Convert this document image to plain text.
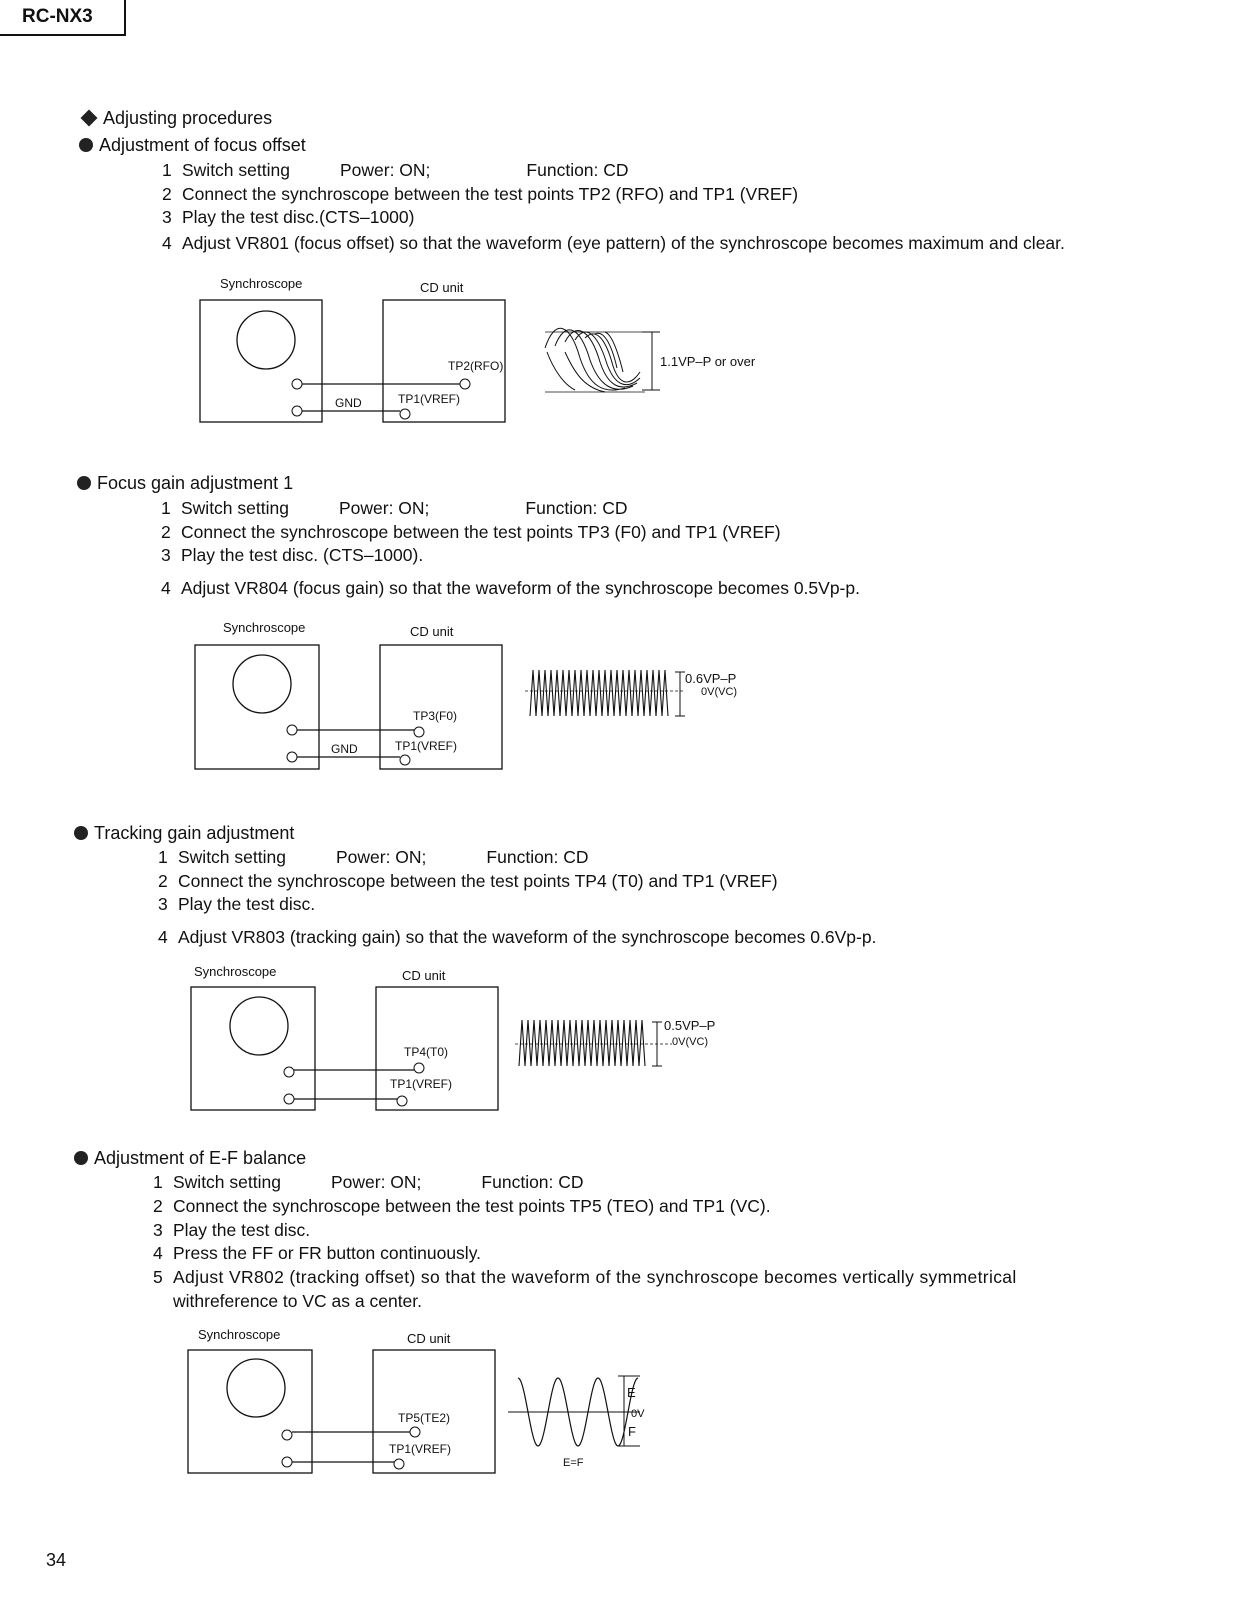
RC-NX3
Adjusting procedures
Adjustment of focus offset
1 Switch setting	Power: ON;	Function: CD
2 Connect the synchroscope between the test points TP2 (RFO) and TP1 (VREF)
3 Play the test disc.(CTS–1000)
4 Adjust VR801 (focus offset) so that the waveform (eye pattern) of the synchroscope becomes maximum and clear.
Synchroscope	CD unit
TP2(RFO)
TP1(VREF)
GND
1.1VP–P or over
Focus gain adjustment 1
1 Switch setting	Power: ON;	Function: CD
2 Connect the synchroscope between the test points TP3 (F0) and TP1 (VREF)
3 Play the test disc. (CTS–1000).
4 Adjust VR804 (focus gain) so that the waveform of the synchroscope becomes 0.5Vp-p.
Synchroscope	CD unit
TP3(F0)
TP1(VREF)
GND
0.6VP–P
0V(VC)
Tracking gain adjustment
1 Switch setting	Power: ON;	Function: CD
2 Connect the synchroscope between the test points TP4 (T0) and TP1 (VREF)
3 Play the test disc.
4 Adjust VR803 (tracking gain) so that the waveform of the synchroscope becomes 0.6Vp-p.
Synchroscope	CD unit
TP4(T0)
TP1(VREF)
0.5VP–P
0V(VC)
Adjustment of E-F balance
1 Switch setting	Power: ON;	Function: CD
2 Connect the synchroscope between the test points TP5 (TEO) and TP1 (VC).
3 Play the test disc.
4 Press the FF or FR button continuously.
5 Adjust VR802 (tracking offset) so that the waveform of the synchroscope becomes vertically symmetrical
withreference to VC as a center.
Synchroscope	CD unit
TP5(TE2)
TP1(VREF)
E
0V
F
E=F
34
